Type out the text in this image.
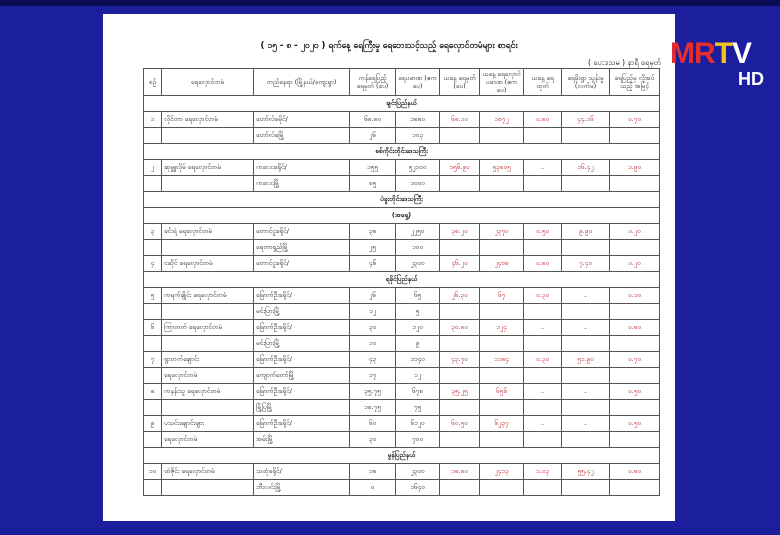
( ၁၅ - ၈ - ၂၀၂၀ ) ရက်နေ့ ရေကြီးမှု ရေဘေးသင့်သည့် ရေလှောင်တမံများ စာရင်း
( ပေ:ဒသမ ) နာရီ ရေမှတ်
စဉ်	ရေလှောင်တမံ	တည်နေရာ (မြို့နယ်/ကျေးရွာ)	ကန်ရေပြည့်ရေမှတ် (ပေ)	ရေပမာဏ (ဧကပေ)	ယနေ့ ရေမှတ် (ပေ)	ယနေ့ ရေလှောင် ပမာဏ (ဧကပေ)	ယနေ့ ရေ ထုတ်	ရေမိုးရွာ သွန်းမှု (လက်မ)	ရေပြည့်မှ လိုအပ်သည့် အမြင့်
ချင်းပြည်နယ်									
၁	လိုင်တာ ရေလှောင်တမံ	ဟော်လ်ခမိုင်/	၆၈.၈၀	၁၈၈၀	၆၈.၁၀	၁၈၇၂	၀.၈၀	၄၄.၁၆	၀.၇၀
		ဟော်လ်ခမြို့	၂၆	၁၀၃					
စစ်ကိုင်းတိုင်းဒေသကြီး									
၂	ဆုမ္ဗူလိုမ် ရေလှောင်တမံ	ကလေးခရိုင်/	၁၅၅	၅၂၁၀၀	၁၅၆.၉၀	၅၃၈၀၅	-	၁၆.၄၂	၁.၉၀
		ကလေးမြို့	၈၅	၁၀၀၀					
ပဲခူးတိုင်းဒေသကြီး									
(အရှေ့)									
၃	ခင်းရဲ ရေလှောင်တမံ	တောင်ငူခရိုင်/	၃၈	၂၂၅၀	၃၈.၂၀	၂၃၇၀	၀.၅၀	၉.၉၀	၀.၂၀
		ရေတာရှည်မြို့	၂၅	၁၀၀					
၄	ငဆိုင် ရေလှောင်တမံ	တောင်ငူခရိုင်/	၄၆	၂၃၀၀	၄၆.၂၀	၂၄၀၈	၀.၈၀	၇.၄၀	၀.၂၀
ရခိုင်ပြည်နယ်									
၅	ကရက်ချိုင်း ရေလှောင်တမံ	မြောက်ဦးခရိုင်/	၂၆	၆၅	၂၆.၃၀	၆၇	၀.၃၀	-	၀.၁၀
		မင်းပြားမြို့	၁၂	၅					
၆	ကြာတက် ရေလှောင်တမံ	မြောက်ဦးခရိုင်/	၃၀	၁၂၀	၃၀.၈၀	၁၂၄	-	-	၀.၈၀
		မင်းပြားမြို့	၁၀	၉					
၇	ရွာတက်ချောင်း	မြောက်ဦးခရိုင်/	၄၃	၁၁၄၀	၄၃.၇၀	၁၁၈၄	၀.၃၀	၅၁.၉၀	၀.၇၀
	ရေလှောင်တမံ	ကျောက်တော်မြို့	၁၇	၁၂					
၈	ကနန်းသူ ရေလှောင်တမံ	မြောက်ဦးခရိုင်/	၃၅.၇၅	၆၇၈	၃၅.၂၅	၆၅၆	-	-	၀.၅၀
		မြို့ပြမြို့	၁၈.၇၅	၇၅					
၉	ပသင်းချောင်းများ	မြောက်ဦးခရိုင်/	၆၀	၆၁၂၀	၆၀.၅၀	၆၂၃၇	-	-	၀.၅၀
	ရေလှောင်တမံ	အမ်းမြို့	၃၀	၇၀၀					
မွန်ပြည်နယ်									
၁၀	ထဲဇိုင်း ရေလှောင်တမံ	သထုံခရိုင်/	၁၈	၂၃၀၀	၁၈.၈၀	၂၄၁၃	၁.၀၃	၅၅.၄၂	၀.၈၀
		ဘီးလင်းမြို့	၀	၁၆၄၀					
MRTV
HD
